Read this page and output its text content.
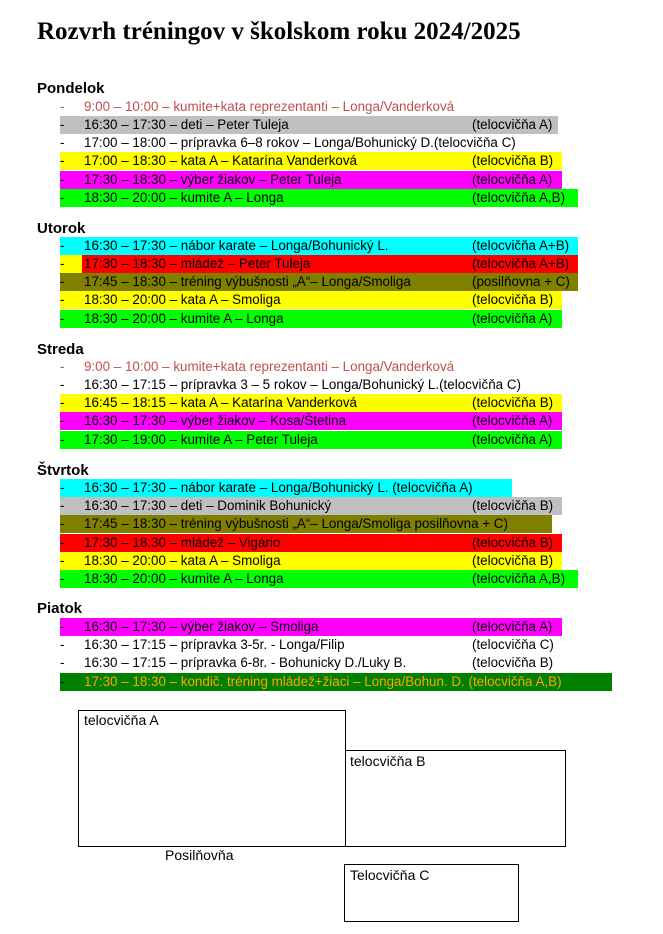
Rozvrh tréningov v školskom roku 2024/2025
Pondelok
- 9:00 – 10:00 – kumite+kata reprezentanti – Longa/Vanderková
- 16:30 – 17:30 – deti – Peter Tuleja	(telocvičňa A)
- 17:00 – 18:00 – prípravka 6–8 rokov – Longa/Bohunický D.(telocvičňa C)
- 17:00 – 18:30 – kata A – Katarína Vanderková	(telocvičňa B)
- 17:30 – 18:30 – výber žiakov – Peter Tuleja	(telocvičňa A)
- 18:30 – 20:00 – kumite A – Longa	(telocvičňa A,B)
Utorok
- 16:30 – 17:30 – nábor karate – Longa/Bohunický L.	(telocvičňa A+B)
- 17:30 – 18:30 – mládež – Peter Tuleja	(telocvičňa A+B)
- 17:45 – 18:30 – tréning výbušnosti „A“– Longa/Smoliga	(posilňovna + C)
- 18:30 – 20:00 – kata A – Smoliga	(telocvičňa B)
- 18:30 – 20:00 – kumite A – Longa	(telocvičňa A)
Streda
- 9:00 – 10:00 – kumite+kata reprezentanti – Longa/Vanderková
- 16:30 – 17:15 – prípravka 3 – 5 rokov – Longa/Bohunický L.(telocvičňa C)
- 16:45 – 18:15 – kata A – Katarína Vanderková	(telocvičňa B)
- 16:30 – 17:30 – výber žiakov – Kosa/Štetina	(telocvičňa A)
- 17:30 – 19:00 – kumite A – Peter Tuleja	(telocvičňa A)
Štvrtok
- 16:30 – 17:30 – nábor karate – Longa/Bohunický L. (telocvičňa A)
- 16:30 – 17:30 – deti – Dominik Bohunický	(telocvičňa B)
- 17:45 – 18:30 – tréning výbušnosti „A“– Longa/Smoliga posilňovna + C)
- 17:30 – 18:30 – mládež – Vigário	(telocvičňa B)
- 18:30 – 20:00 – kata A – Smoliga	(telocvičňa B)
- 18:30 – 20:00 – kumite A – Longa	(telocvičňa A,B)
Piatok
- 16:30 – 17:30 – výber žiakov – Smoliga	(telocvičňa A)
- 16:30 – 17:15 – prípravka 3-5r. - Longa/Filip	(telocvičňa C)
- 16:30 – 17:15 – prípravka 6-8r. - Bohunicky D./Luky B.	(telocvičňa B)
- 17:30 – 18:30 – kondič. tréning mládež+žiaci – Longa/Bohun. D. (telocvičňa A,B)
telocvičňa A
telocvičňa B
Posilňovňa
Telocvičňa C
